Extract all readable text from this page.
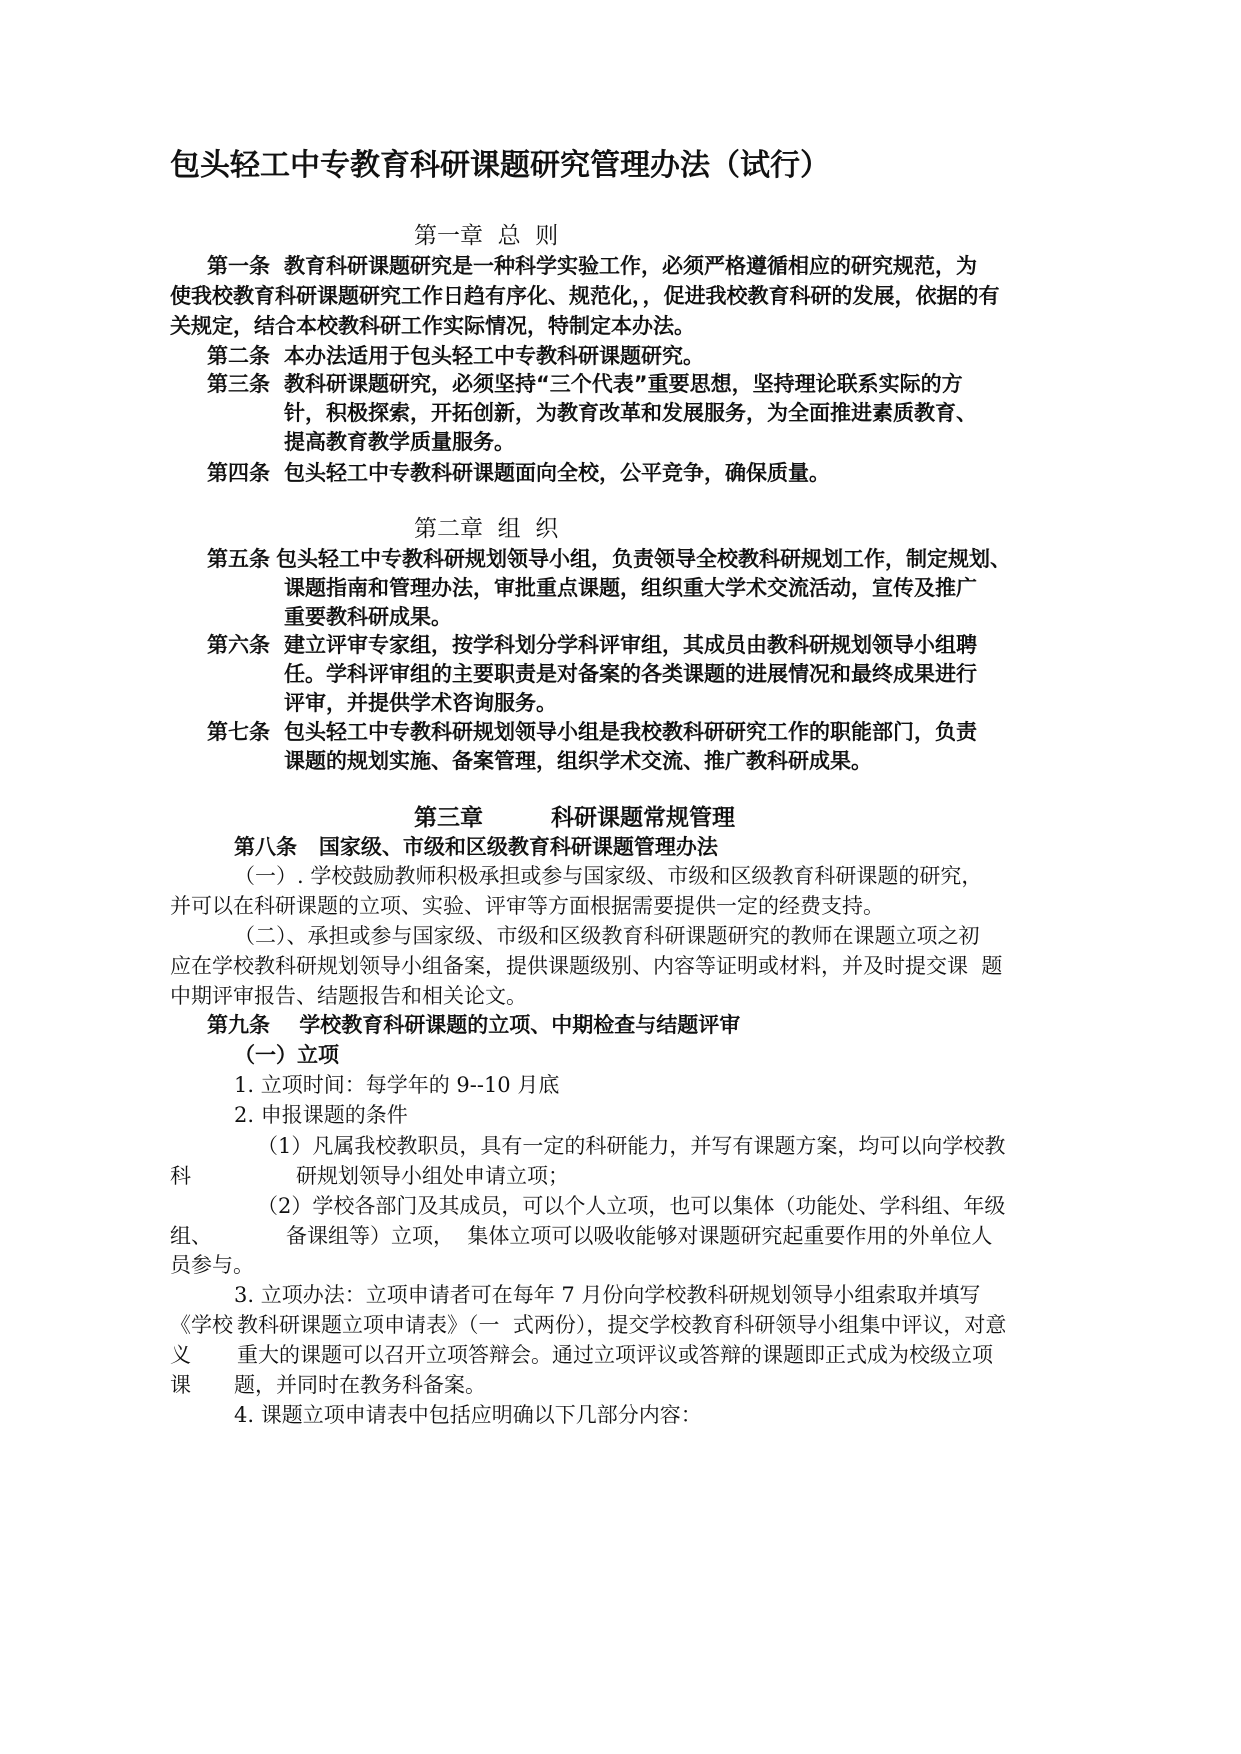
包头轻工中专教育科研课题研究管理办法（试行）
第一章  总  则
第一条 教育科研课题研究是一种科学实验工作，必须严格遵循相应的研究规范，为
使我校教育科研课题研究工作日趋有序化、规范化，，促进我校教育科研的发展，依据的有
关规定，结合本校教科研工作实际情况，特制定本办法。
第二条 本办法适用于包头轻工中专教科研课题研究。
第三条 教科研课题研究，必须坚持“三个代表”重要思想，坚持理论联系实际的方
针，积极探索，开拓创新，为教育改革和发展服务，为全面推进素质教育、
提高教育教学质量服务。
第四条 包头轻工中专教科研课题面向全校，公平竞争，确保质量。
第二章  组  织
第五条 包头轻工中专教科研规划领导小组，负责领导全校教科研规划工作，制定规划、
课题指南和管理办法，审批重点课题，组织重大学术交流活动，宣传及推广
重要教科研成果。
第六条 建立评审专家组，按学科划分学科评审组，其成员由教科研规划领导小组聘
任。学科评审组的主要职责是对备案的各类课题的进展情况和最终成果进行
评审，并提供学术咨询服务。
第七条 包头轻工中专教科研规划领导小组是我校教科研研究工作的职能部门，负责
课题的规划实施、备案管理，组织学术交流、推广教科研成果。
第三章	科研课题常规管理
第八条   国家级、市级和区级教育科研课题管理办法
（一）. 学校鼓励教师积极承担或参与国家级、市级和区级教育科研课题的研究，
并可以在科研课题的立项、实验、评审等方面根据需要提供一定的经费支持。
（二）、承担或参与国家级、市级和区级教育科研课题研究的教师在课题立项之初
应在学校教科研规划领导小组备案，提供课题级别、内容等证明或材料，并及时提交课  题
中期评审报告、结题报告和相关论文。
第九条    学校教育科研课题的立项、中期检查与结题评审
（一）立项
1. 立项时间：每学年的 9--10 月底
2. 申报课题的条件
（1）凡属我校教职员，具有一定的科研能力，并写有课题方案，均可以向学校教
科	研规划领导小组处申请立项；
（2）学校各部门及其成员，可以个人立项，也可以集体（功能处、学科组、年级
组、	备课组等）立项，  集体立项可以吸收能够对课题研究起重要作用的外单位人
员参与。
3. 立项办法：立项申请者可在每年 7 月份向学校教科研规划领导小组索取并填写
《学校 教科研课题立项申请表》（一  式两份），提交学校教育科研领导小组集中评议，对意
义 重大的课题可以召开立项答辩会。通过立项评议或答辩的课题即正式成为校级立项
课 题，并同时在教务科备案。
4. 课题立项申请表中包括应明确以下几部分内容：
